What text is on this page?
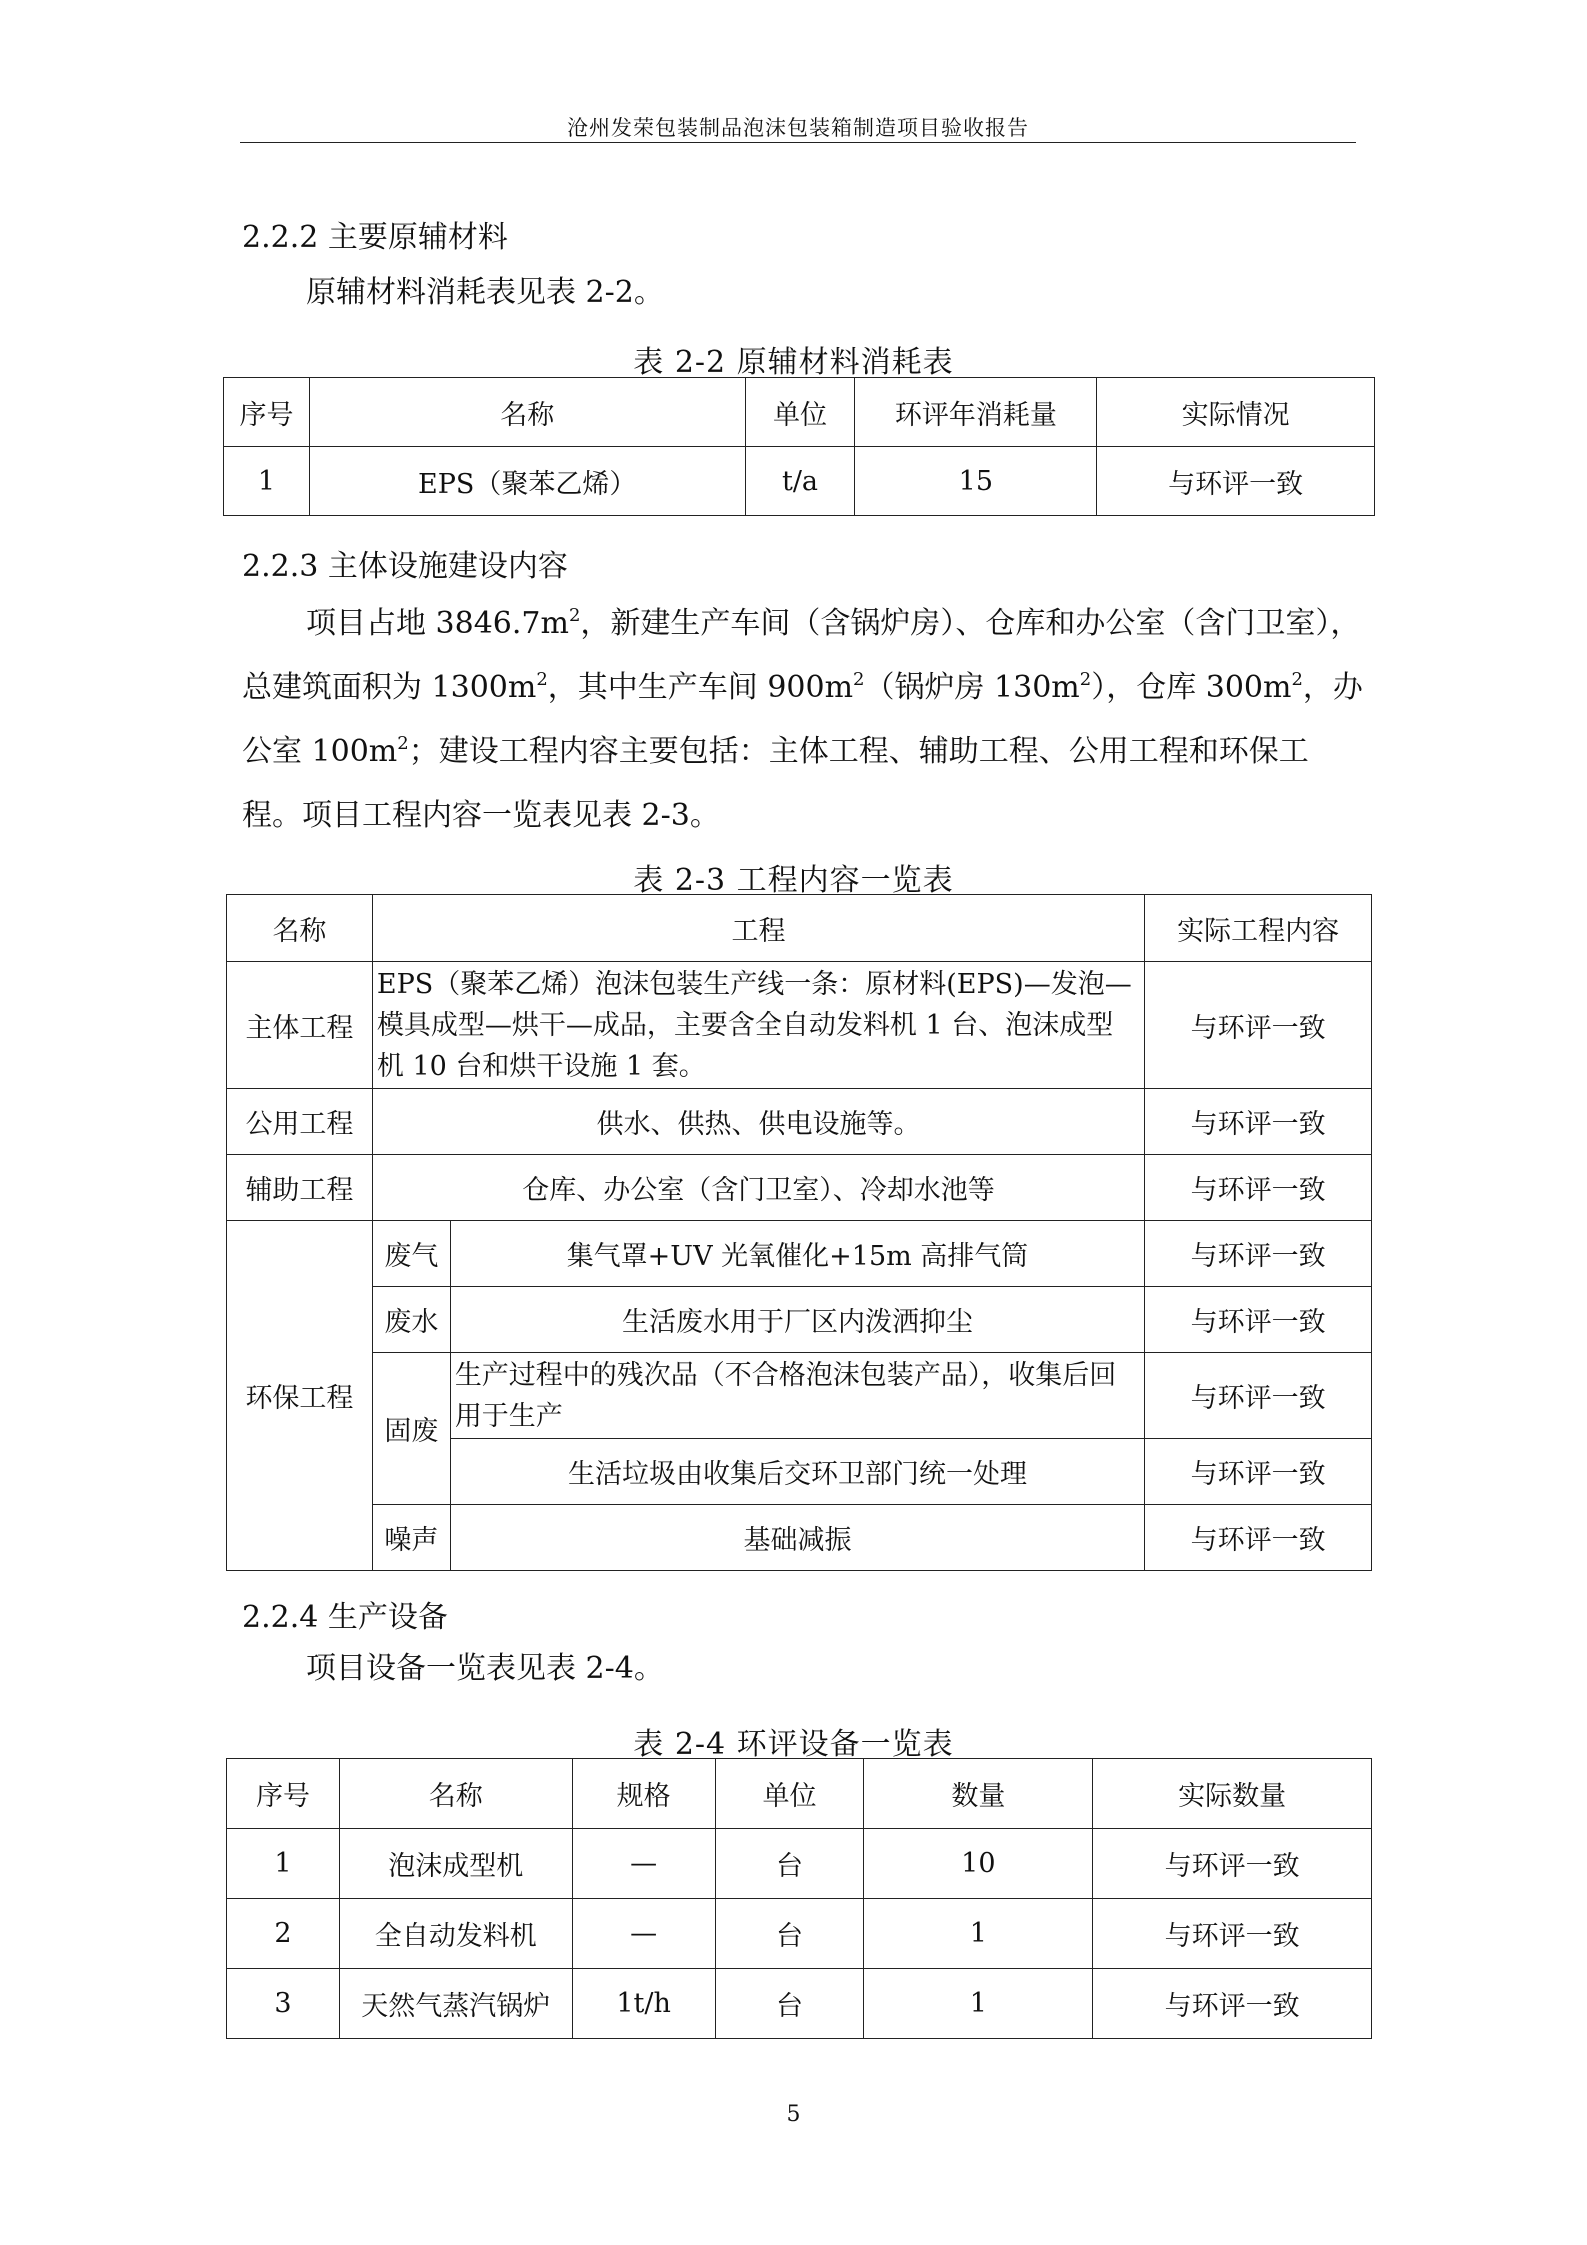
沧州发荣包装制品泡沫包装箱制造项目验收报告
2.2.2 主要原辅材料
原辅材料消耗表见表 2-2。
表 2-2 原辅材料消耗表
序号	名称	单位	环评年消耗量	实际情况
1	EPS（聚苯乙烯）	t/a	15	与环评一致
2.2.3 主体设施建设内容
项目占地 $3846.7m^2$，新建生产车间（含锅炉房）、仓库和办公室（含门卫室），
总建筑面积为 $1300m^2$，其中生产车间 $900m^2$（锅炉房 $130m^2$），仓库 $300m^2$，办
公室 $100m^2$；建设工程内容主要包括：主体工程、辅助工程、公用工程和环保工
程。项目工程内容一览表见表 2-3。
表 2-3 工程内容一览表
名称	工程		实际工程内容
主体工程	EPS（聚苯乙烯）泡沫包装生产线一条：原材料(EPS)—发泡—
模具成型—烘干—成品，主要含全自动发料机 1 台、泡沫成型
机 10 台和烘干设施 1 套。		与环评一致
公用工程	供水、供热、供电设施等。		与环评一致
辅助工程	仓库、办公室（含门卫室）、冷却水池等		与环评一致
环保工程	废气	集气罩+UV 光氧催化+15m 高排气筒	与环评一致
	废水	生活废水用于厂区内泼洒抑尘	与环评一致
	固废	生产过程中的残次品（不合格泡沫包装产品），收集后回
用于生产	与环评一致
		生活垃圾由收集后交环卫部门统一处理	与环评一致
	噪声	基础减振	与环评一致
2.2.4 生产设备
项目设备一览表见表 2-4。
表 2-4 环评设备一览表
序号	名称	规格	单位	数量	实际数量
1	泡沫成型机	—	台	10	与环评一致
2	全自动发料机	—	台	1	与环评一致
3	天然气蒸汽锅炉	1t/h	台	1	与环评一致
5
